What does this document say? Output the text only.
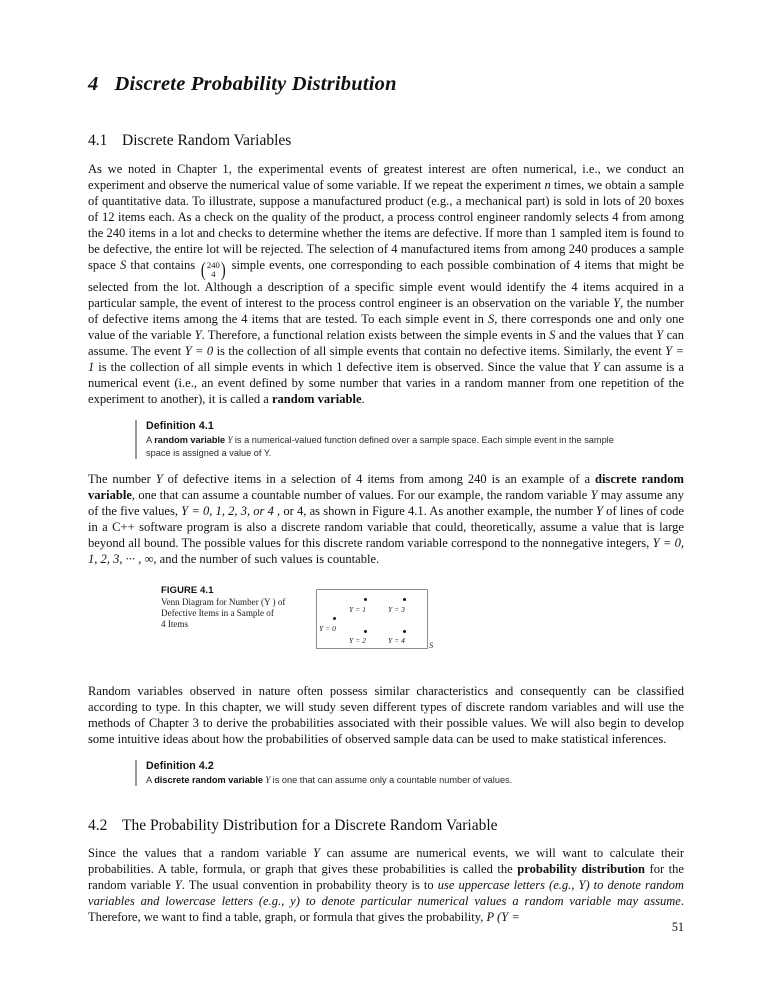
4 Discrete Probability Distribution
4.1 Discrete Random Variables

As we noted in Chapter 1, the experimental events of greatest interest are often numerical, i.e., we conduct an experiment and observe the numerical value of some variable. If we repeat the experiment n times, we obtain a sample of quantitative data. To illustrate, suppose a manufactured product (e.g., a mechanical part) is sold in lots of 20 boxes of 12 items each. As a check on the quality of the product, a process control engineer randomly selects 4 from among the 240 items in a lot and checks to determine whether the items are defective. If more than 1 sampled item is found to be defective, the entire lot will be rejected. The selection of 4 manufactured items from among 240 produces a sample space S that contains (240
4 ) simple events, one corresponding to each possible combination of 4 items that might be selected from the lot. Although a description of a specific simple event would identify the 4 items acquired in a particular sample, the event of interest to the process control engineer is an observation on the variable Y, the number of defective items among the 4 items that are tested. To each simple event in S, there corresponds one and only one value of the variable Y. Therefore, a functional relation exists between the simple events in S and the values that Y can assume. The event Y = 0 is the collection of all simple events that contain no defective items. Similarly, the event Y = 1 is the collection of all simple events in which 1 defective item is observed. Since the value that Y can assume is a numerical event (i.e., an event defined by some number that varies in a random manner from one repetition of the experiment to another), it is called a random variable.

Definition 4.1

A random variable Y is a numerical-valued function defined over a sample space. Each simple event in the sample space is assigned a value of Y.

The number Y of defective items in a selection of 4 items from among 240 is an example of a discrete random variable, one that can assume a countable number of values. For our example, the random variable Y may assume any of the five values, Y = 0, 1, 2, 3, or 4 , or 4, as shown in Figure 4.1. As another example, the number Y of lines of code in a C++ software program is also a discrete random variable that could, theoretically, assume a value that is large beyond all bound. The possible values for this discrete random variable correspond to the nonnegative integers, Y = 0, 1, 2, 3, ··· , ∞, and the number of such values is countable.

FIGURE 4.1
Venn Diagram for Number (Y ) of
Defective Items in a Sample of
4 Items
Y = 1	Y = 3
Y = 0
Y = 2	Y = 4
S

Random variables observed in nature often possess similar characteristics and consequently can be classified according to type. In this chapter, we will study seven different types of discrete random variables and will use the methods of Chapter 3 to derive the probabilities associated with their possible values. We will also begin to develop some intuitive ideas about how the probabilities of observed sample data can be used to make statistical inferences.

Definition 4.2

A discrete random variable Y is one that can assume only a countable number of values.

4.2 The Probability Distribution for a Discrete Random Variable

Since the values that a random variable Y can assume are numerical events, we will want to calculate their probabilities. A table, formula, or graph that gives these probabilities is called the probability distribution for the random variable Y. The usual convention in probability theory is to use uppercase letters (e.g., Y) to denote random variables and lowercase letters (e.g., y) to denote particular numerical values a random variable may assume. Therefore, we want to find a table, graph, or formula that gives the probability, P (Y =

51
